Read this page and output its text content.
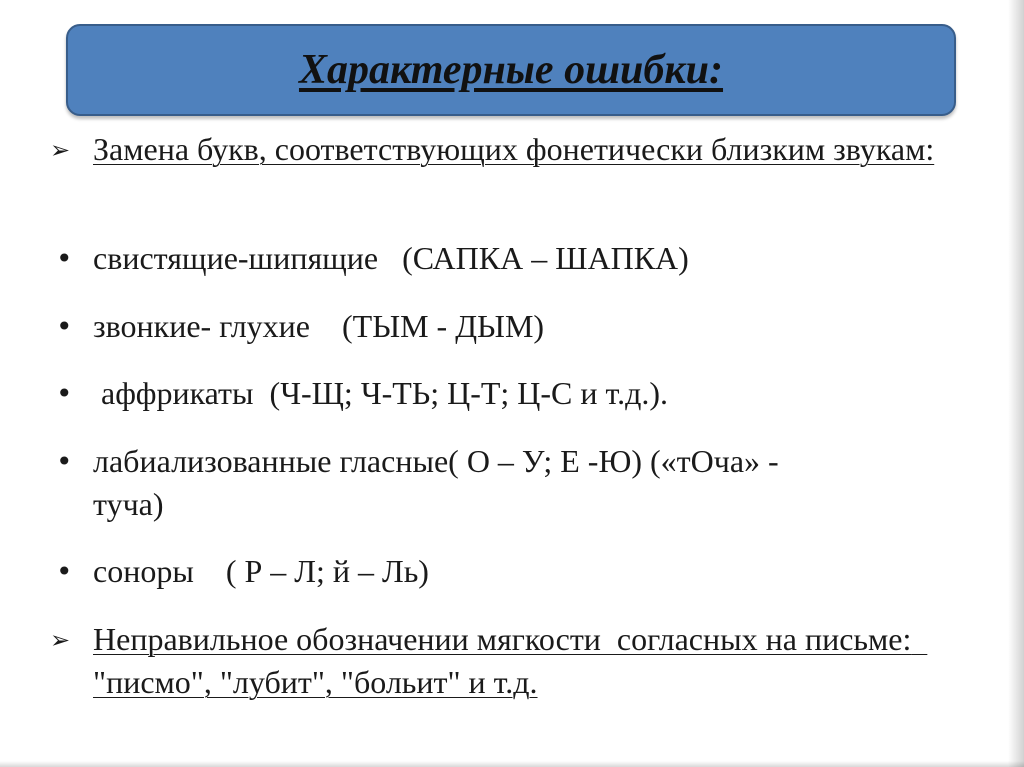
Характерные ошибки:
➢ Замена букв, соответствующих фонетически близким звукам:
• свистящие-шипящие   (САПКА – ШАПКА)
• звонкие- глухие    (ТЫМ - ДЫМ)
• аффрикаты  (Ч-Щ; Ч-ТЬ; Ц-Т; Ц-С и т.д.).
• лабиализованные гласные( О – У; Е -Ю) («тОча» - туча)
• соноры    ( Р – Л; й – Ль)
➢ Неправильное обозначении мягкости  согласных на письме:  "писмо", "лубит", "больит" и т.д.
